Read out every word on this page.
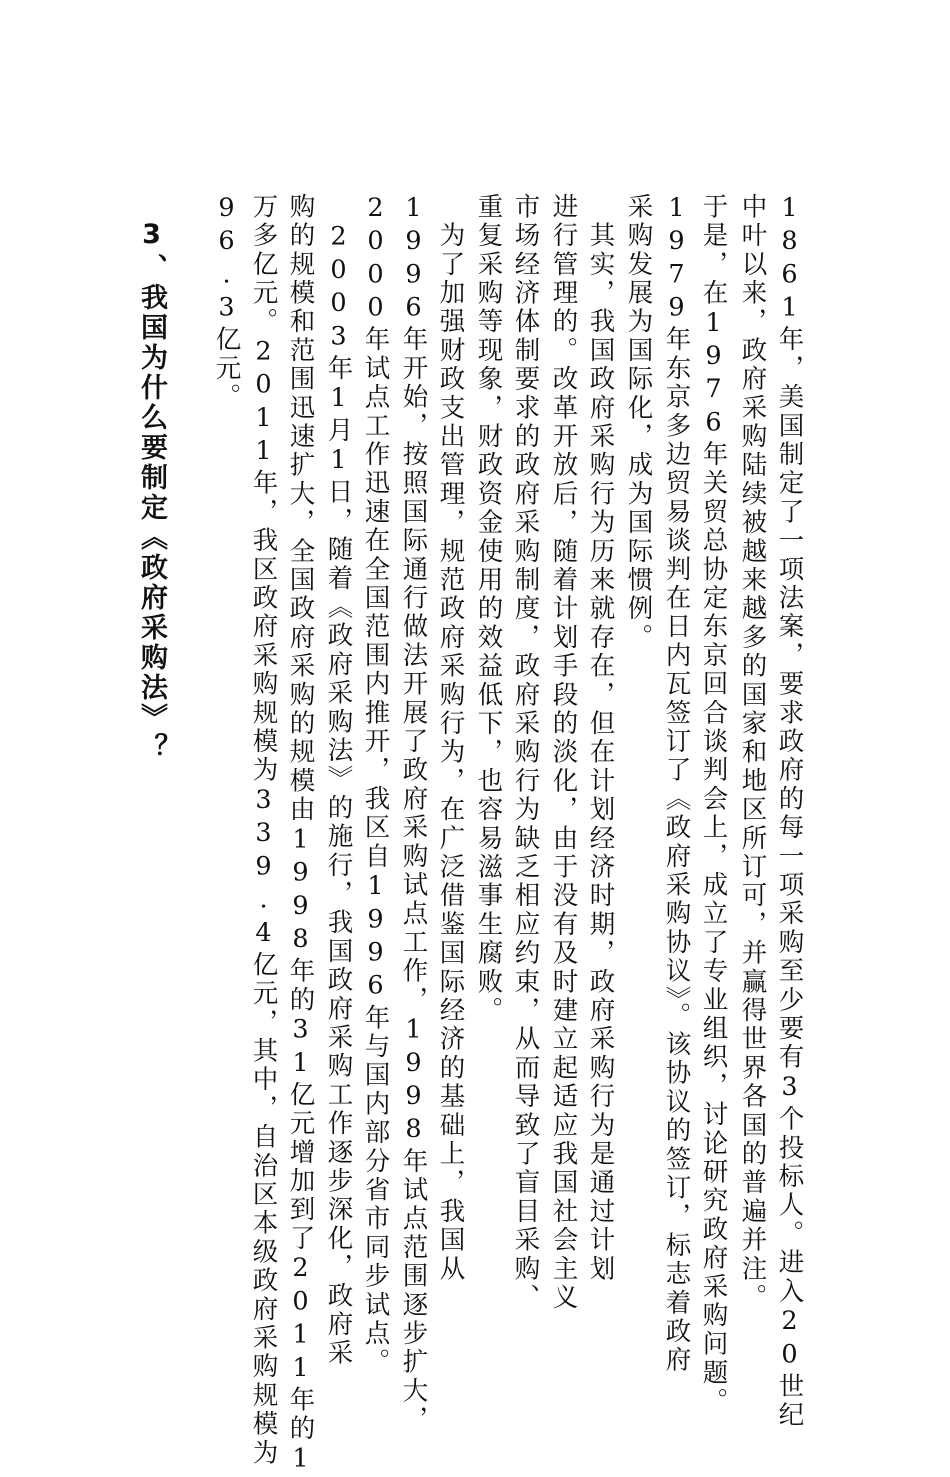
1861年，美国制定了一项法案，要求政府的每一项采购至少要有3个投标人。进入20世纪
中叶以来，政府采购陆续被越来越多的国家和地区所订可，并赢得世界各国的普遍并注。
于是，在1976年关贸总协定东京回合谈判会上，成立了专业组织，讨论研究政府采购问题。
1979年东京多边贸易谈判在日内瓦签订了《政府采购协议》。该协议的签订，标志着政府
采购发展为国际化，成为国际惯例。
　其实，我国政府采购行为历来就存在，但在计划经济时期，政府采购行为是通过计划
进行管理的。改革开放后，随着计划手段的淡化，由于没有及时建立起适应我国社会主义
市场经济体制要求的政府采购制度，政府采购行为缺乏相应约束，从而导致了盲目采购、
重复采购等现象，财政资金使用的效益低下，也容易滋事生腐败。
　为了加强财政支出管理，规范政府采购行为，在广泛借鉴国际经济的基础上，我国从
1996年开始，按照国际通行做法开展了政府采购试点工作，1998年试点范围逐步扩大，
2000年试点工作迅速在全国范围内推开，我区自1996年与国内部分省市同步试点。
　2003年1月1日，随着《政府采购法》的施行，我国政府采购工作逐步深化，政府采
购的规模和范围迅速扩大，全国政府采购的规模由1998年的31亿元增加到了2011年的1
万多亿元。2011年，我区政府采购规模为339.4亿元，其中，自治区本级政府采购规模为
96.3亿元。
3、我国为什么要制定《政府采购法》？
